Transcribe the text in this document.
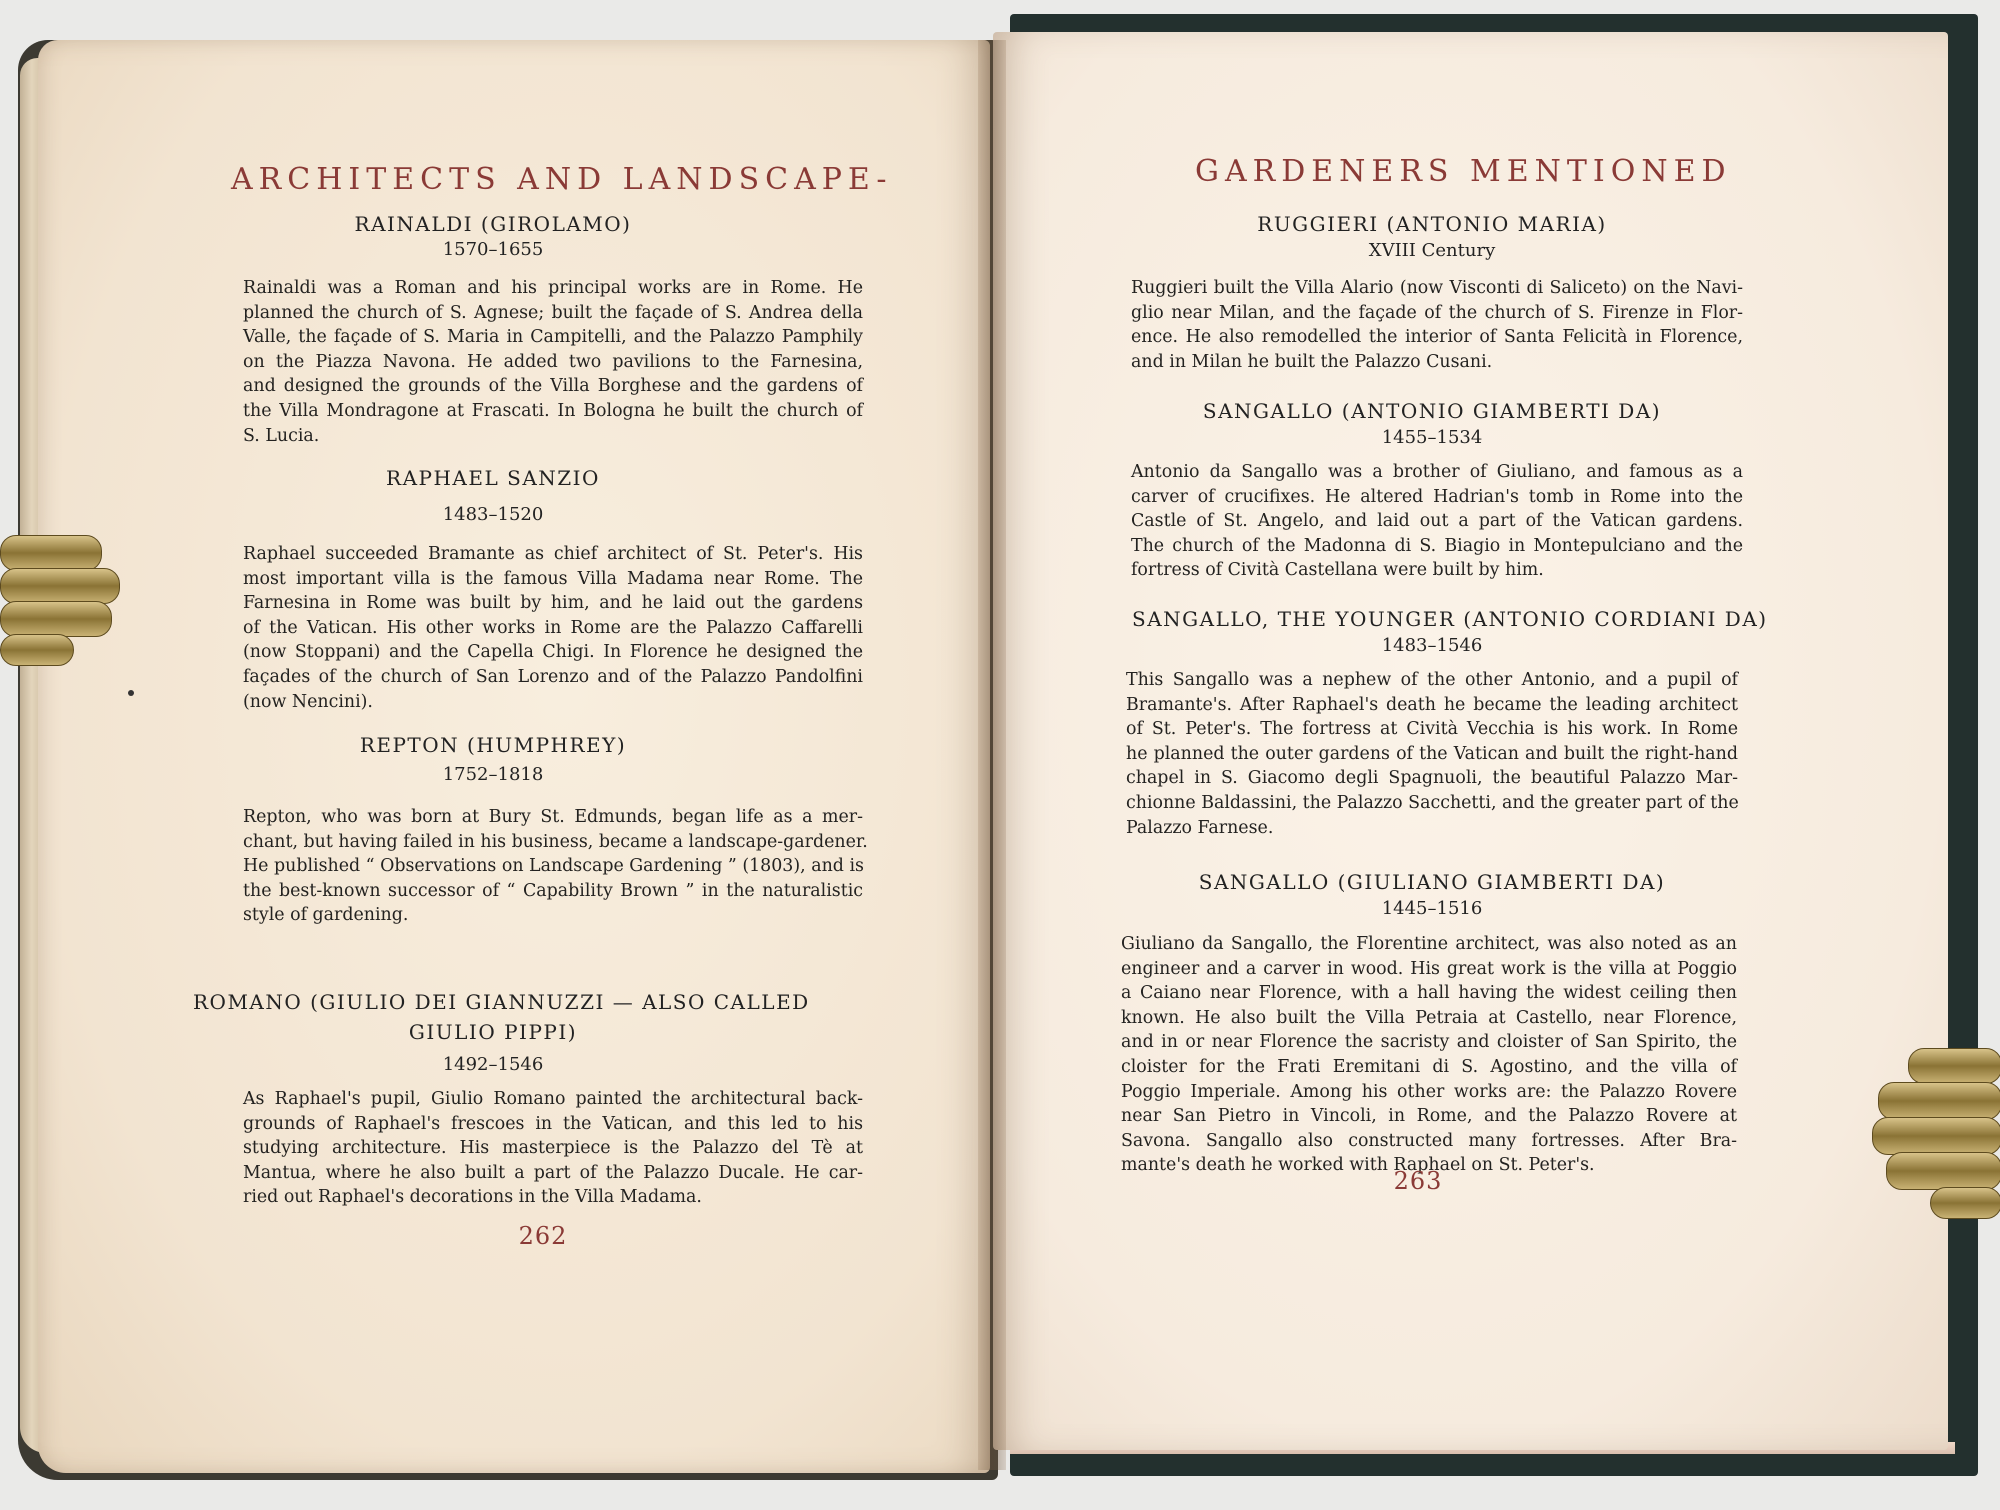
ARCHITECTS AND LANDSCAPE-
RAINALDI (GIROLAMO)
1570–1655
Rainaldi was a Roman and his principal works are in Rome. He
planned the church of S. Agnese; built the façade of S. Andrea della
Valle, the façade of S. Maria in Campitelli, and the Palazzo Pamphily
on the Piazza Navona. He added two pavilions to the Farnesina,
and designed the grounds of the Villa Borghese and the gardens of
the Villa Mondragone at Frascati. In Bologna he built the church of
S. Lucia.
RAPHAEL SANZIO
1483–1520
Raphael succeeded Bramante as chief architect of St. Peter's. His
most important villa is the famous Villa Madama near Rome. The
Farnesina in Rome was built by him, and he laid out the gardens
of the Vatican. His other works in Rome are the Palazzo Caffarelli
(now Stoppani) and the Capella Chigi. In Florence he designed the
façades of the church of San Lorenzo and of the Palazzo Pandolfini
(now Nencini).
REPTON (HUMPHREY)
1752–1818
Repton, who was born at Bury St. Edmunds, began life as a mer-
chant, but having failed in his business, became a landscape-gardener.
He published “ Observations on Landscape Gardening ” (1803), and is
the best-known successor of “ Capability Brown ” in the naturalistic
style of gardening.
ROMANO (GIULIO DEI GIANNUZZI — ALSO CALLED
GIULIO PIPPI)
1492–1546
As Raphael's pupil, Giulio Romano painted the architectural back-
grounds of Raphael's frescoes in the Vatican, and this led to his
studying architecture. His masterpiece is the Palazzo del Tè at
Mantua, where he also built a part of the Palazzo Ducale. He car-
ried out Raphael's decorations in the Villa Madama.
262
GARDENERS MENTIONED
RUGGIERI (ANTONIO MARIA)
XVIII Century
Ruggieri built the Villa Alario (now Visconti di Saliceto) on the Navi-
glio near Milan, and the façade of the church of S. Firenze in Flor-
ence. He also remodelled the interior of Santa Felicità in Florence,
and in Milan he built the Palazzo Cusani.
SANGALLO (ANTONIO GIAMBERTI DA)
1455–1534
Antonio da Sangallo was a brother of Giuliano, and famous as a
carver of crucifixes. He altered Hadrian's tomb in Rome into the
Castle of St. Angelo, and laid out a part of the Vatican gardens.
The church of the Madonna di S. Biagio in Montepulciano and the
fortress of Cività Castellana were built by him.
SANGALLO, THE YOUNGER (ANTONIO CORDIANI DA)
1483–1546
This Sangallo was a nephew of the other Antonio, and a pupil of
Bramante's. After Raphael's death he became the leading architect
of St. Peter's. The fortress at Cività Vecchia is his work. In Rome
he planned the outer gardens of the Vatican and built the right-hand
chapel in S. Giacomo degli Spagnuoli, the beautiful Palazzo Mar-
chionne Baldassini, the Palazzo Sacchetti, and the greater part of the
Palazzo Farnese.
SANGALLO (GIULIANO GIAMBERTI DA)
1445–1516
Giuliano da Sangallo, the Florentine architect, was also noted as an
engineer and a carver in wood. His great work is the villa at Poggio
a Caiano near Florence, with a hall having the widest ceiling then
known. He also built the Villa Petraia at Castello, near Florence,
and in or near Florence the sacristy and cloister of San Spirito, the
cloister for the Frati Eremitani di S. Agostino, and the villa of
Poggio Imperiale. Among his other works are: the Palazzo Rovere
near San Pietro in Vincoli, in Rome, and the Palazzo Rovere at
Savona. Sangallo also constructed many fortresses. After Bra-
mante's death he worked with Raphael on St. Peter's.
263
